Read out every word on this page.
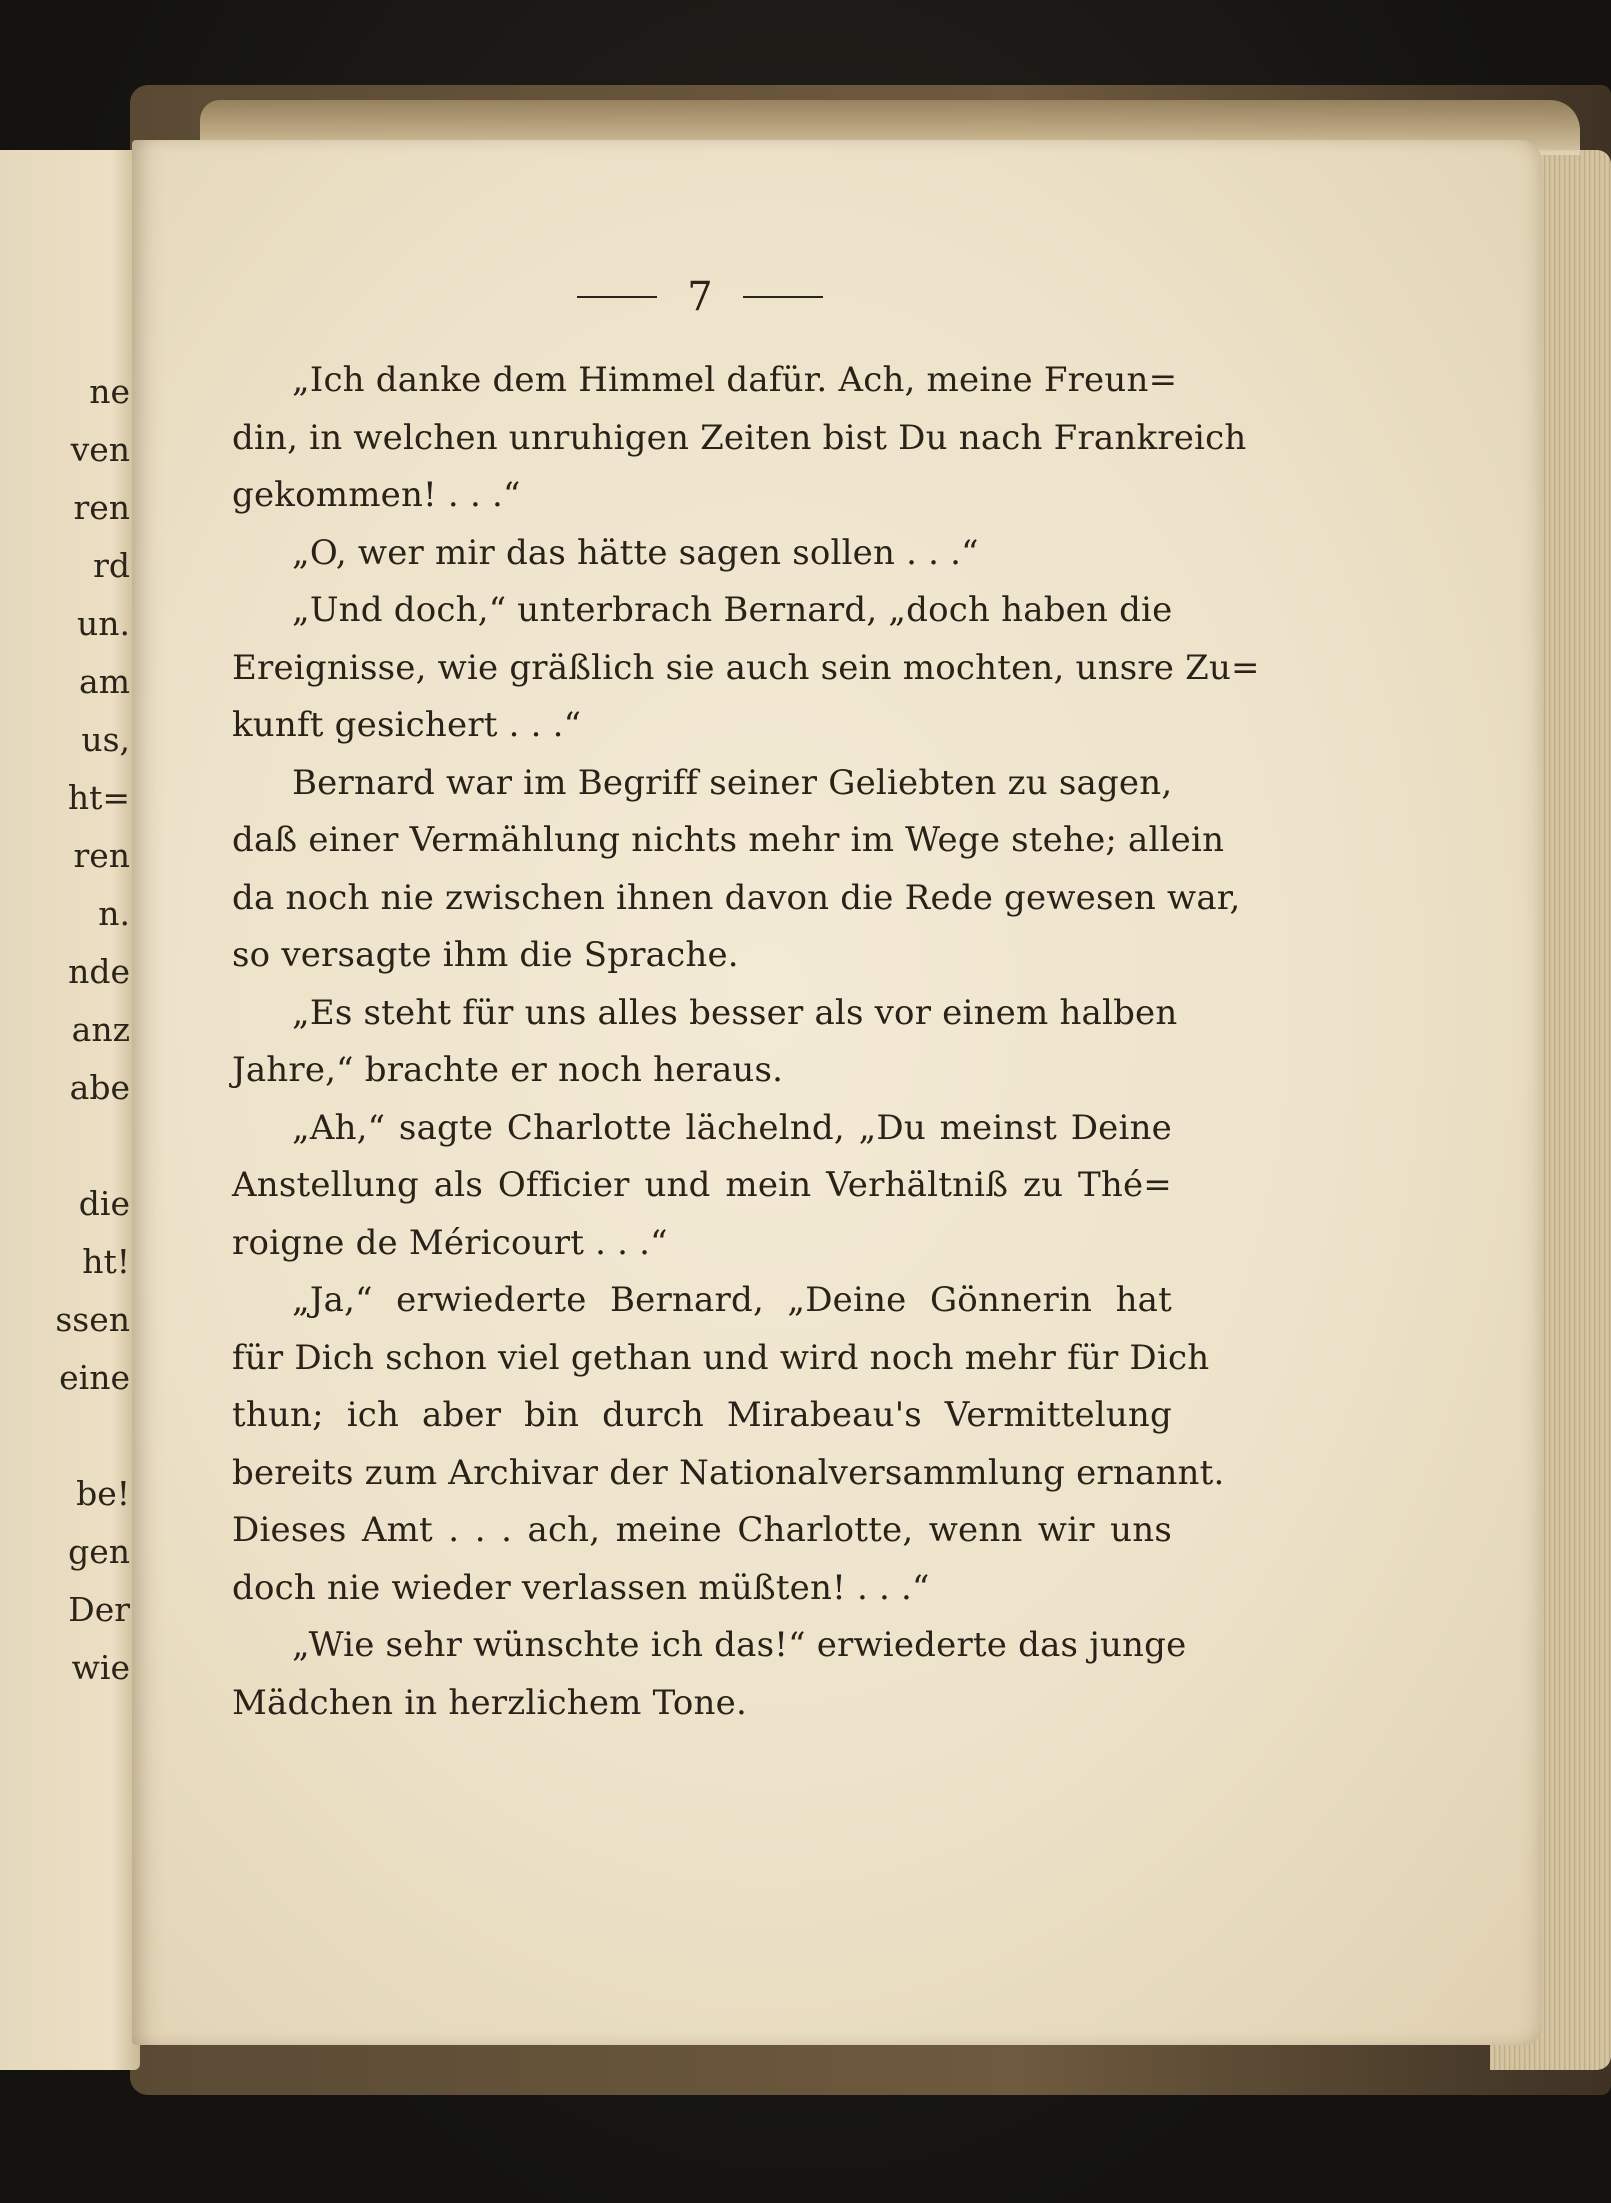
ne
ven
ren
rd
un.
am
us,
ht=
ren
n.
nde
anz
abe
die
ht!
ssen
eine
be!
gen
Der
wie
7
„Ich danke dem Himmel dafür. Ach, meine Freun=
din, in welchen unruhigen Zeiten bist Du nach Frankreich
gekommen! . . .“
„O, wer mir das hätte sagen sollen . . .“
„Und doch,“ unterbrach Bernard, „doch haben die
Ereignisse, wie gräßlich sie auch sein mochten, unsre Zu=
kunft gesichert . . .“
Bernard war im Begriff seiner Geliebten zu sagen,
daß einer Vermählung nichts mehr im Wege stehe; allein
da noch nie zwischen ihnen davon die Rede gewesen war,
so versagte ihm die Sprache.
„Es steht für uns alles besser als vor einem halben
Jahre,“ brachte er noch heraus.
„Ah,“ sagte Charlotte lächelnd, „Du meinst Deine
Anstellung als Officier und mein Verhältniß zu Thé=
roigne de Méricourt . . .“
„Ja,“ erwiederte Bernard, „Deine Gönnerin hat
für Dich schon viel gethan und wird noch mehr für Dich
thun; ich aber bin durch Mirabeau's Vermittelung
bereits zum Archivar der Nationalversammlung ernannt.
Dieses Amt . . . ach, meine Charlotte, wenn wir uns
doch nie wieder verlassen müßten! . . .“
„Wie sehr wünschte ich das!“ erwiederte das junge
Mädchen in herzlichem Tone.
